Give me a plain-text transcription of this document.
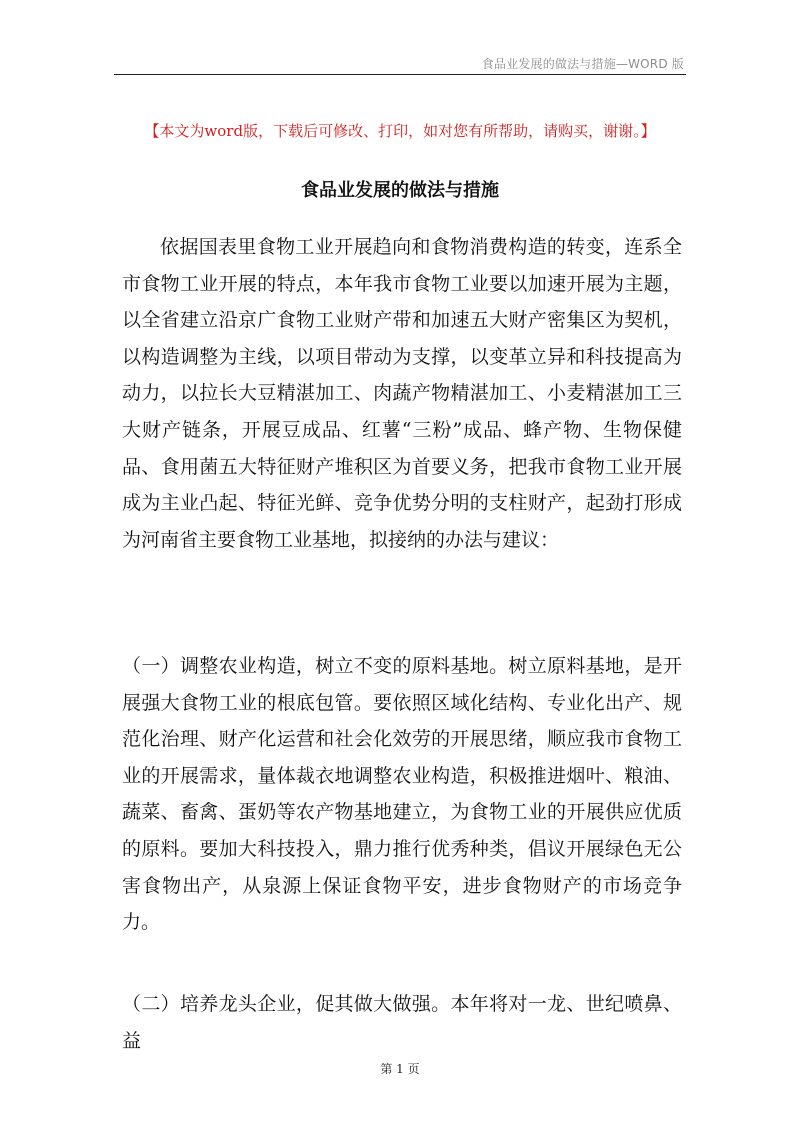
食品业发展的做法与措施—WORD 版
【本文为word版，下载后可修改、打印，如对您有所帮助，请购买，谢谢。】
食品业发展的做法与措施

依据国表里食物工业开展趋向和食物消费构造的转变，连系全市食物工业开展的特点，本年我市食物工业要以加速开展为主题，以全省建立沿京广食物工业财产带和加速五大财产密集区为契机，以构造调整为主线，以项目带动为支撑，以变革立异和科技提高为动力，以拉长大豆精湛加工、肉蔬产物精湛加工、小麦精湛加工三大财产链条，开展豆成品、红薯“三粉”成品、蜂产物、生物保健品、食用菌五大特征财产堆积区为首要义务，把我市食物工业开展成为主业凸起、特征光鲜、竞争优势分明的支柱财产，起劲打形成为河南省主要食物工业基地，拟接纳的办法与建议：

（一）调整农业构造，树立不变的原料基地。树立原料基地，是开展强大食物工业的根底包管。要依照区域化结构、专业化出产、规范化治理、财产化运营和社会化效劳的开展思绪，顺应我市食物工业的开展需求，量体裁衣地调整农业构造，积极推进烟叶、粮油、蔬菜、畜禽、蛋奶等农产物基地建立，为食物工业的开展供应优质的原料。要加大科技投入，鼎力推行优秀种类，倡议开展绿色无公害食物出产，从泉源上保证食物平安，进步食物财产的市场竞争力。

（二）培养龙头企业，促其做大做强。本年将对一龙、世纪喷鼻、益

第 1 页
